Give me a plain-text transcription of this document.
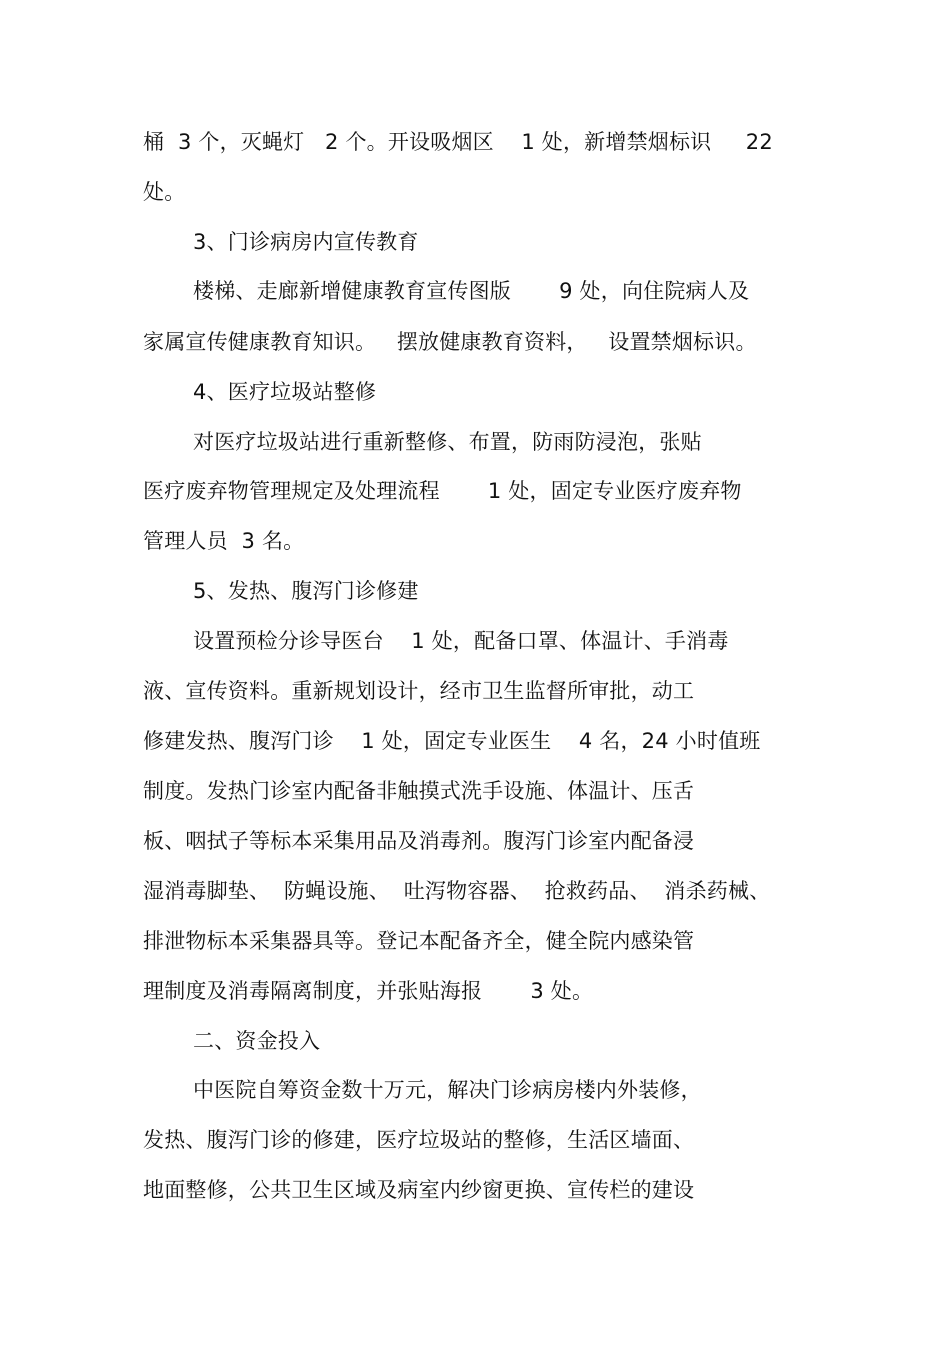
桶  3 个，灭蝇灯   2 个。开设吸烟区    1 处，新增禁烟标识     22
处。
3、门诊病房内宣传教育
楼梯、走廊新增健康教育宣传图版       9 处，向住院病人及
家属宣传健康教育知识。   摆放健康教育资料，   设置禁烟标识。
4、医疗垃圾站整修
对医疗垃圾站进行重新整修、布置，防雨防浸泡，张贴
医疗废弃物管理规定及处理流程       1 处，固定专业医疗废弃物
管理人员  3 名。
5、发热、腹泻门诊修建
设置预检分诊导医台    1 处，配备口罩、体温计、手消毒
液、宣传资料。重新规划设计，经市卫生监督所审批，动工
修建发热、腹泻门诊    1 处，固定专业医生    4 名，24 小时值班
制度。发热门诊室内配备非触摸式洗手设施、体温计、压舌
板、咽拭子等标本采集用品及消毒剂。腹泻门诊室内配备浸
湿消毒脚垫、  防蝇设施、  吐泻物容器、  抢救药品、  消杀药械、
排泄物标本采集器具等。登记本配备齐全，健全院内感染管
理制度及消毒隔离制度，并张贴海报       3 处。
二、资金投入
中医院自筹资金数十万元，解决门诊病房楼内外装修，
发热、腹泻门诊的修建，医疗垃圾站的整修，生活区墙面、
地面整修，公共卫生区域及病室内纱窗更换、宣传栏的建设
